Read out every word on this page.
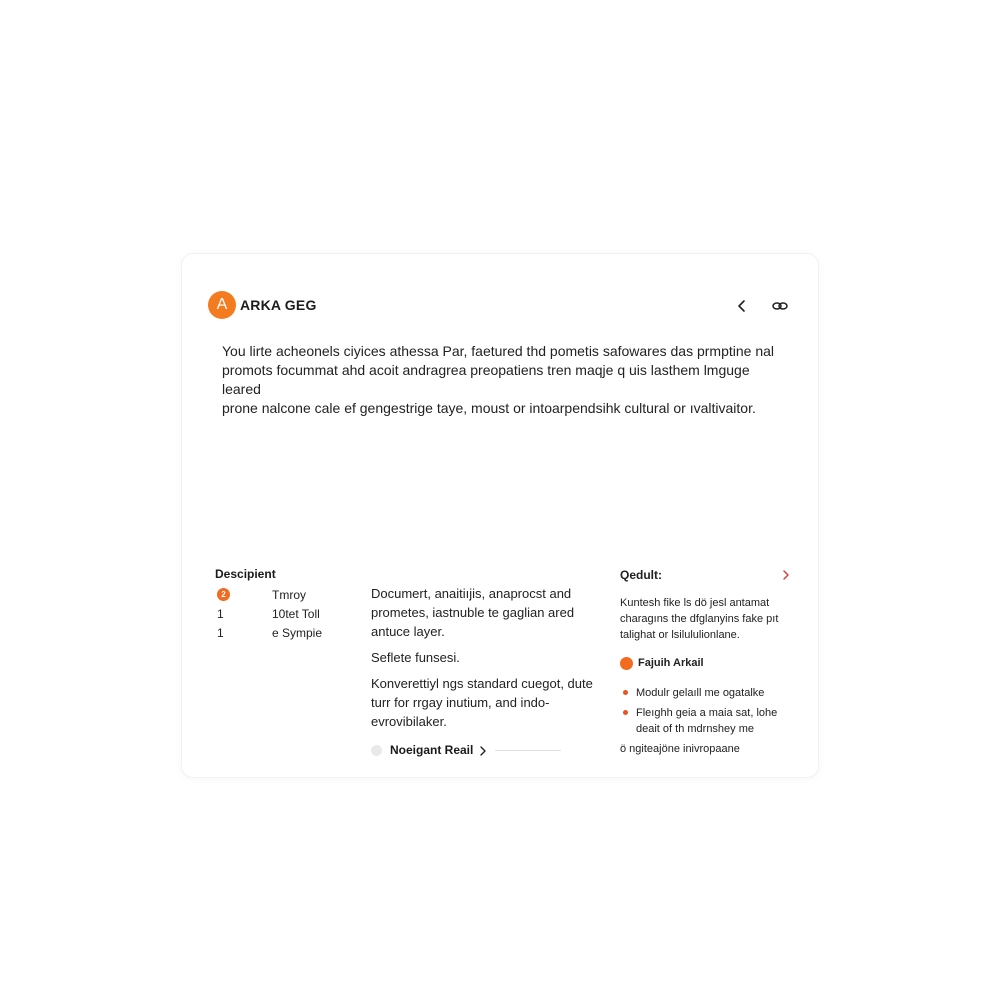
A ARKA GEG
You lirte acheonels ciyices athessa Par, faetured thd pometis safowares das prmptine nal
promots focummat ahd acoit andragrea preopatiens tren maqje q uis lasthem lmguge leared
prone nalcone cale ef gengestrige taye, moust or intoarpendsihk cultural or ıvaltivaitor.
Descipient
2	Tmroy
1	10tet Toll
1	e Sympie

Documert, anaitiıjis, anaprocst and prometes, iastnuble te gaglian ared antuce layer.

Seflete funsesi.

Konverettiyl ngs standard cuegot, dute turr for rrgay inutium, and indo-evrovibilaker.

Noeigant Reail
Qedult:

Kuntesh fike ls dö jesl antamat charagıns the dfglanyins fake pıt talighat or lsilululionlane.

Fajuih Arkail
Modulr gelaıll me ogatalke
Fleıghh geia a maia sat, lohe deait of th mdrnshey me
ö ngiteajöne inivropaane
